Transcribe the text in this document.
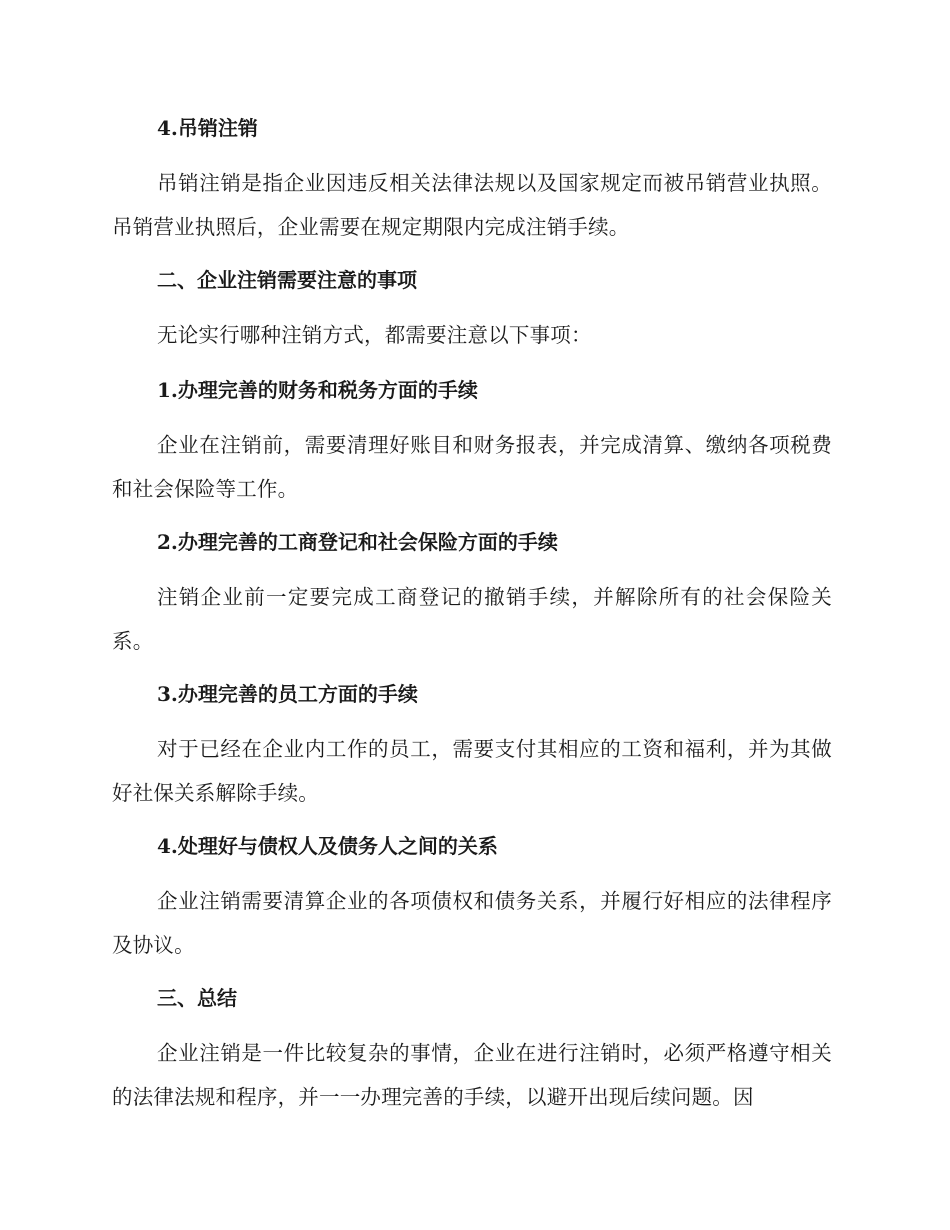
4.吊销注销

吊销注销是指企业因违反相关法律法规以及国家规定而被吊销营业执照。吊销营业执照后，企业需要在规定期限内完成注销手续。

二、企业注销需要注意的事项

无论实行哪种注销方式，都需要注意以下事项：

1.办理完善的财务和税务方面的手续

企业在注销前，需要清理好账目和财务报表，并完成清算、缴纳各项税费和社会保险等工作。

2.办理完善的工商登记和社会保险方面的手续

注销企业前一定要完成工商登记的撤销手续，并解除所有的社会保险关系。

3.办理完善的员工方面的手续

对于已经在企业内工作的员工，需要支付其相应的工资和福利，并为其做好社保关系解除手续。

4.处理好与债权人及债务人之间的关系

企业注销需要清算企业的各项债权和债务关系，并履行好相应的法律程序及协议。

三、总结

企业注销是一件比较复杂的事情，企业在进行注销时，必须严格遵守相关的法律法规和程序，并一一办理完善的手续，以避开出现后续问题。因
